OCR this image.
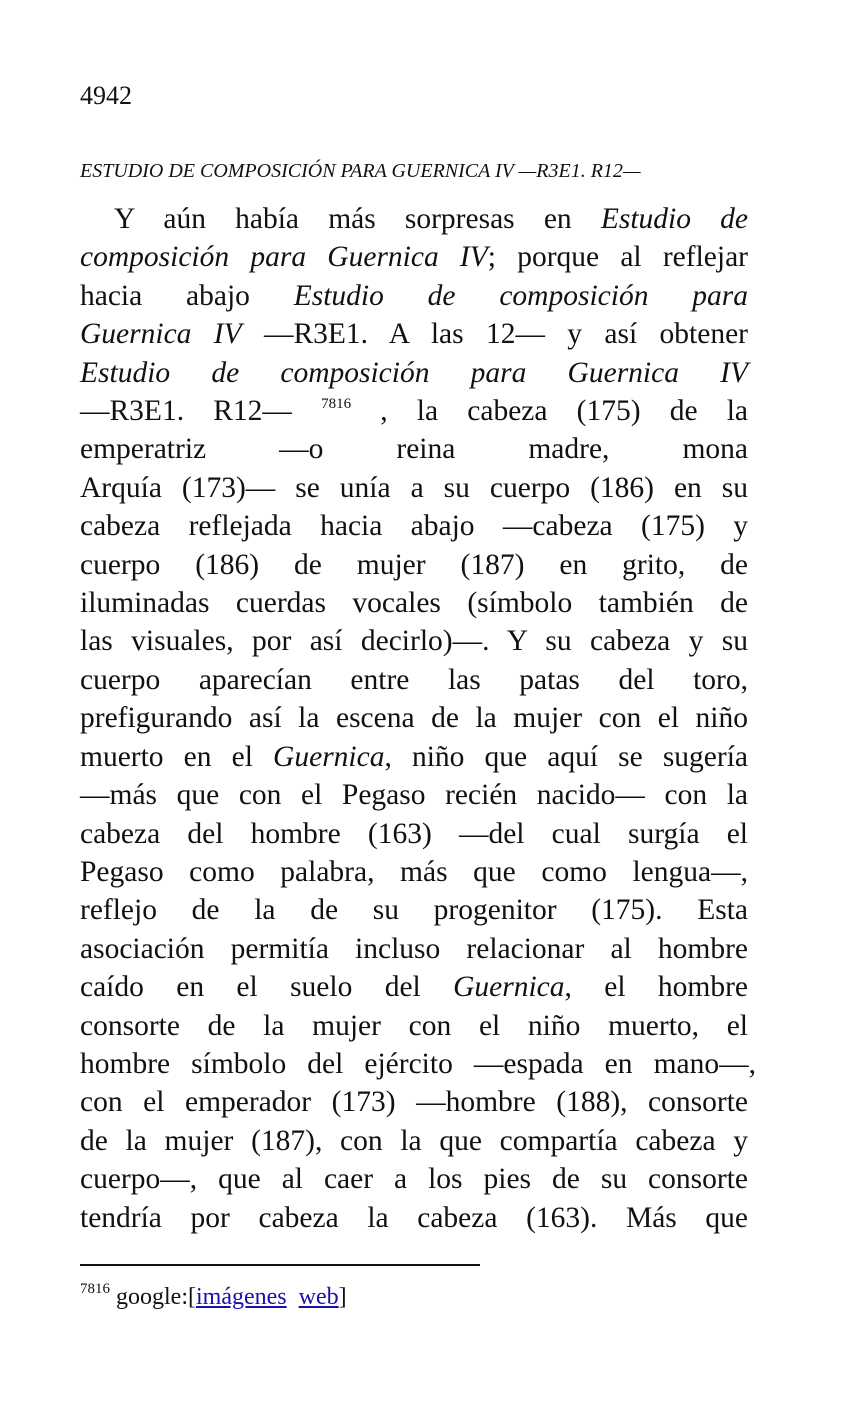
4942
ESTUDIO DE COMPOSICIÓN PARA GUERNICA IV —R3E1. R12—
Y aún había más sorpresas en Estudio de
composición para Guernica IV; porque al reflejar
hacia abajo Estudio de composición para
Guernica IV —R3E1. A las 12— y así obtener
Estudio de composición para Guernica IV
—R3E1. R12— $^{7816}$ , la cabeza (175) de la
emperatriz —o reina madre, mona
Arquía (173)— se unía a su cuerpo (186) en su
cabeza reflejada hacia abajo —cabeza (175) y
cuerpo (186) de mujer (187) en grito, de
iluminadas cuerdas vocales (símbolo también de
las visuales, por así decirlo)—. Y su cabeza y su
cuerpo aparecían entre las patas del toro,
prefigurando así la escena de la mujer con el niño
muerto en el Guernica, niño que aquí se sugería
—más que con el Pegaso recién nacido— con la
cabeza del hombre (163) —del cual surgía el
Pegaso como palabra, más que como lengua—,
reflejo de la de su progenitor (175). Esta
asociación permitía incluso relacionar al hombre
caído en el suelo del Guernica, el hombre
consorte de la mujer con el niño muerto, el
hombre símbolo del ejército —espada en mano—,
con el emperador (173) —hombre (188), consorte
de la mujer (187), con la que compartía cabeza y
cuerpo—, que al caer a los pies de su consorte
tendría por cabeza la cabeza (163). Más que
$^{7816}$ google:[imágenes web]
